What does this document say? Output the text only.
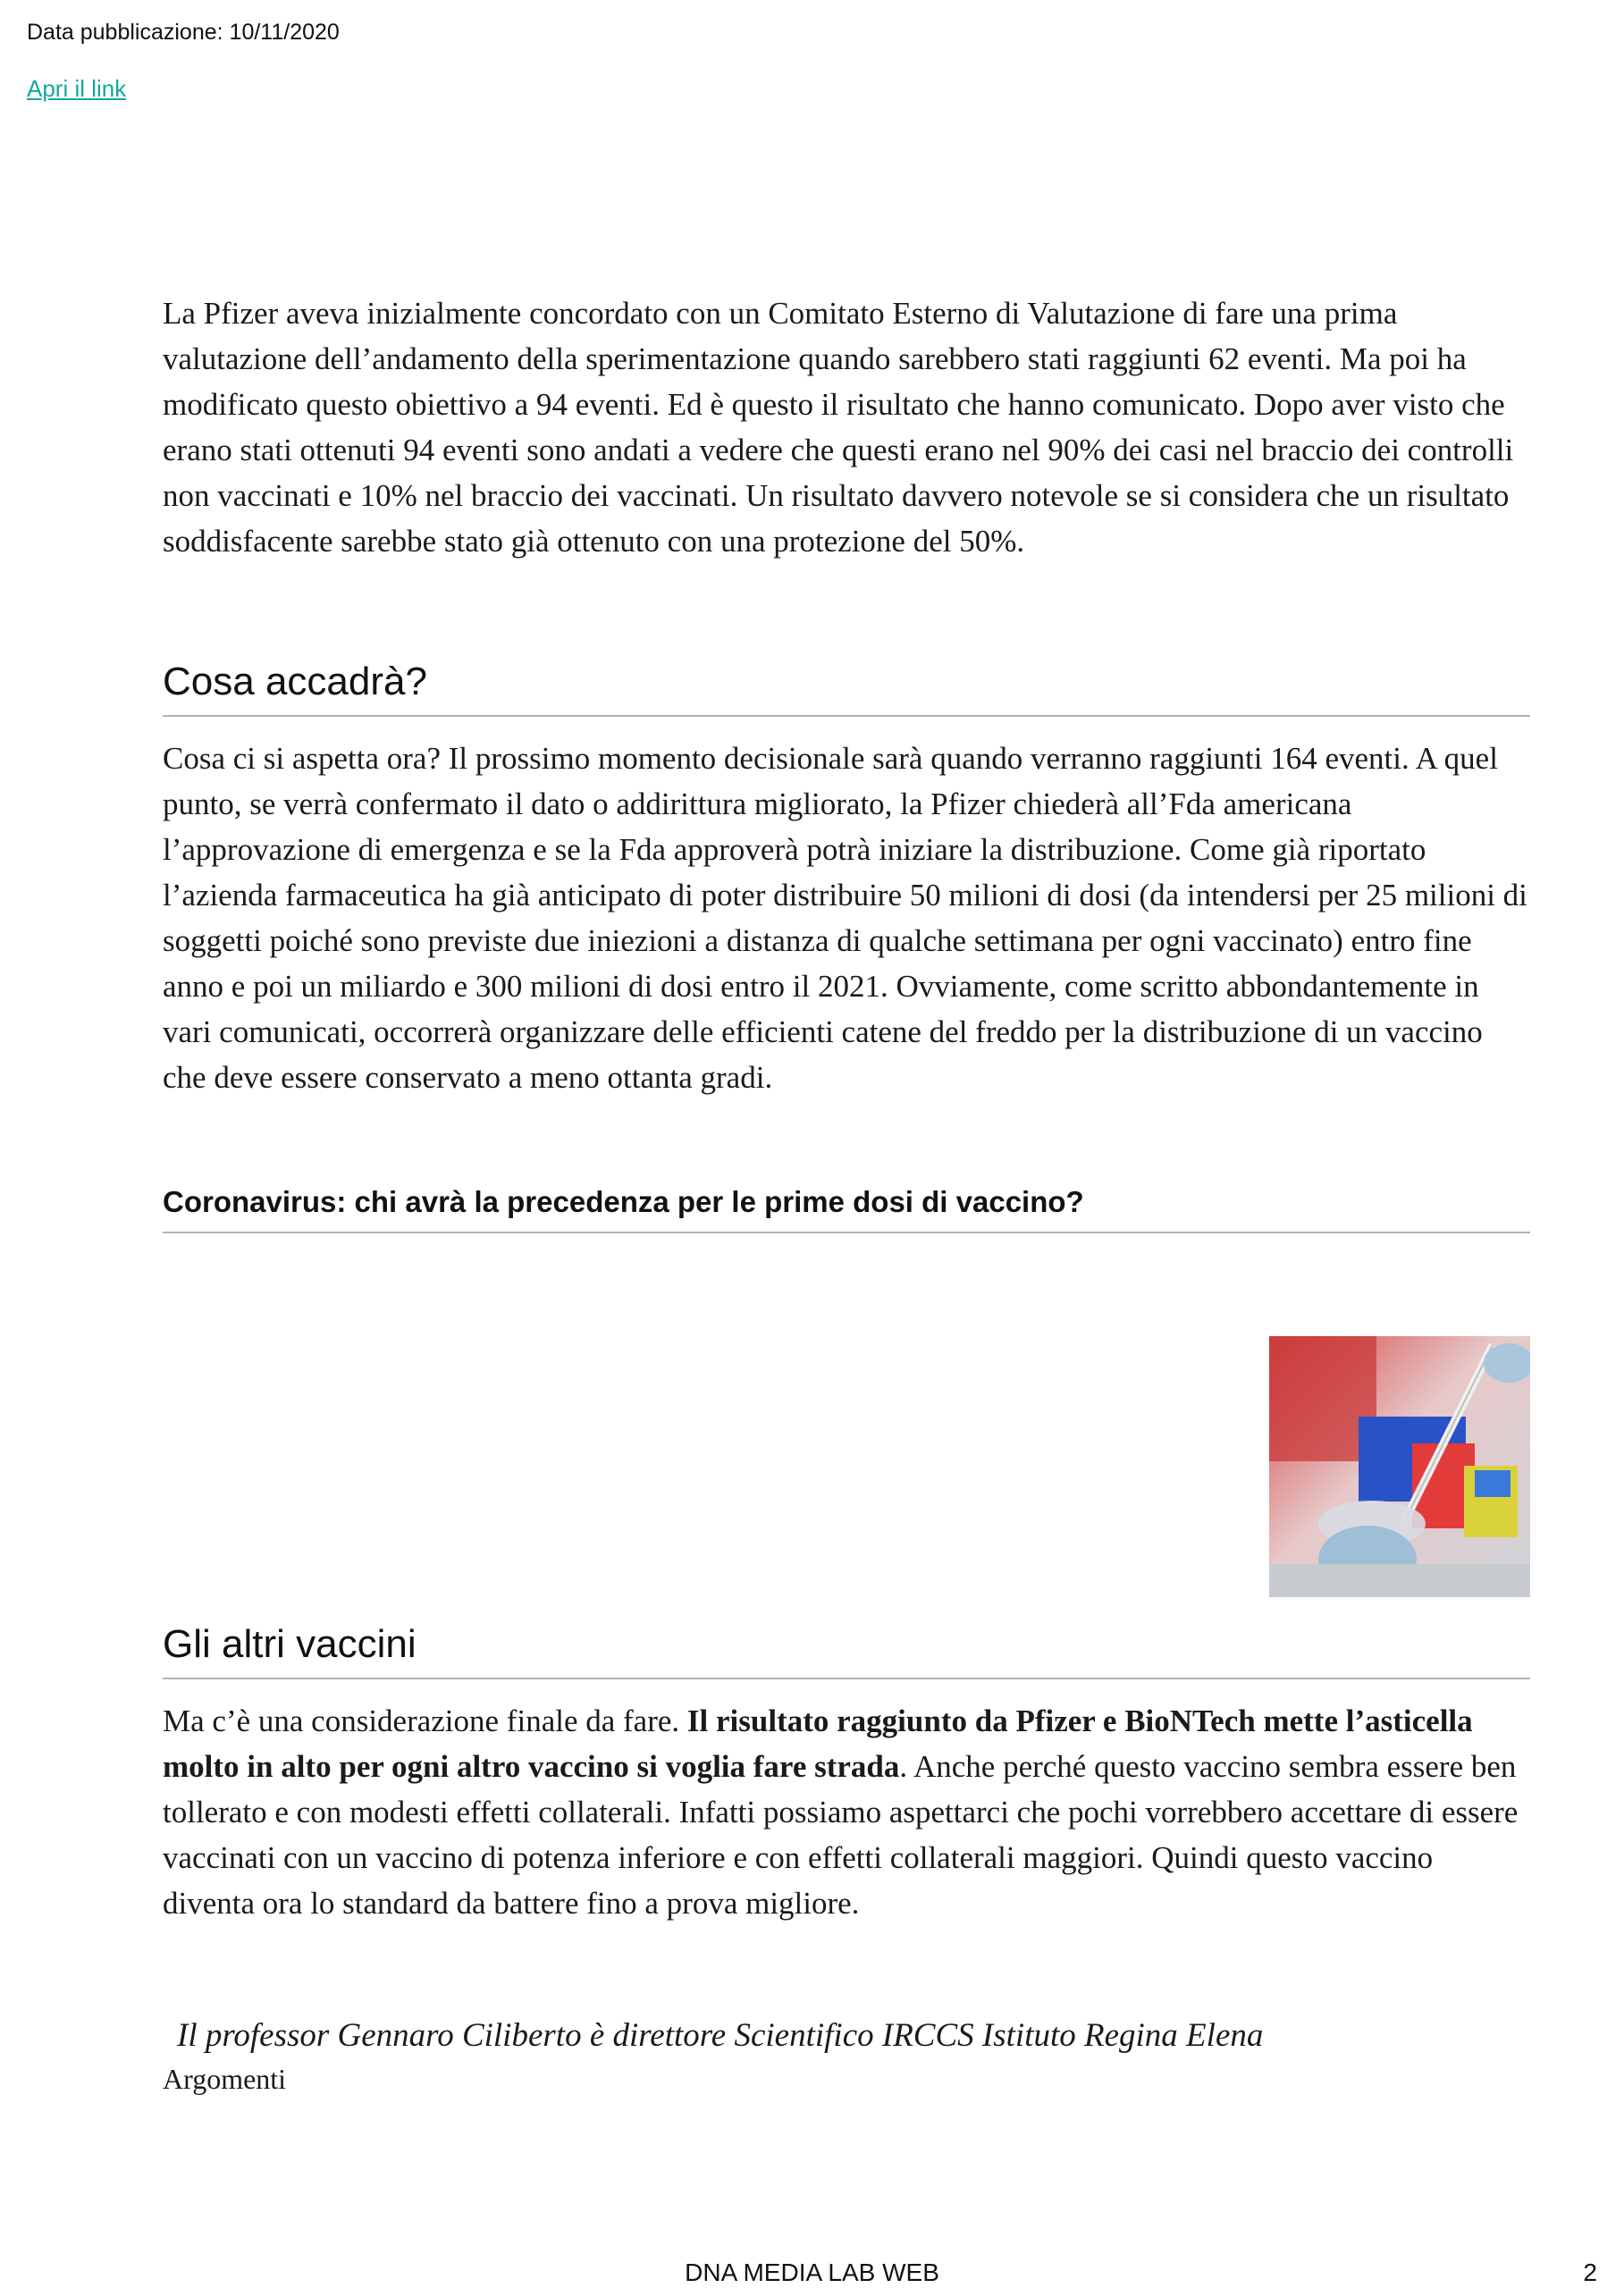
Data pubblicazione: 10/11/2020
Apri il link

La Pfizer aveva inizialmente concordato con un Comitato Esterno di Valutazione di fare una prima valutazione dell’andamento della sperimentazione quando sarebbero stati raggiunti 62 eventi. Ma poi ha modificato questo obiettivo a 94 eventi. Ed è questo il risultato che hanno comunicato. Dopo aver visto che erano stati ottenuti 94 eventi sono andati a vedere che questi erano nel 90% dei casi nel braccio dei controlli non vaccinati e 10% nel braccio dei vaccinati. Un risultato davvero notevole se si considera che un risultato soddisfacente sarebbe stato già ottenuto con una protezione del 50%.

Cosa accadrà?

Cosa ci si aspetta ora? Il prossimo momento decisionale sarà quando verranno raggiunti 164 eventi. A quel punto, se verrà confermato il dato o addirittura migliorato, la Pfizer chiederà all’Fda americana l’approvazione di emergenza e se la Fda approverà potrà iniziare la distribuzione. Come già riportato l’azienda farmaceutica ha già anticipato di poter distribuire 50 milioni di dosi (da intendersi per 25 milioni di soggetti poiché sono previste due iniezioni a distanza di qualche settimana per ogni vaccinato) entro fine anno e poi un miliardo e 300 milioni di dosi entro il 2021. Ovviamente, come scritto abbondantemente in vari comunicati, occorrerà organizzare delle efficienti catene del freddo per la distribuzione di un vaccino che deve essere conservato a meno ottanta gradi.

Coronavirus: chi avrà la precedenza per le prime dosi di vaccino?
Gli altri vaccini

Ma c’è una considerazione finale da fare. Il risultato raggiunto da Pfizer e BioNTech mette l’asticella molto in alto per ogni altro vaccino si voglia fare strada. Anche perché questo vaccino sembra essere ben tollerato e con modesti effetti collaterali. Infatti possiamo aspettarci che pochi vorrebbero accettare di essere vaccinati con un vaccino di potenza inferiore e con effetti collaterali maggiori. Quindi questo vaccino diventa ora lo standard da battere fino a prova migliore.

Il professor Gennaro Ciliberto è direttore Scientifico IRCCS Istituto Regina Elena
Argomenti
DNA MEDIA LAB WEB	2
